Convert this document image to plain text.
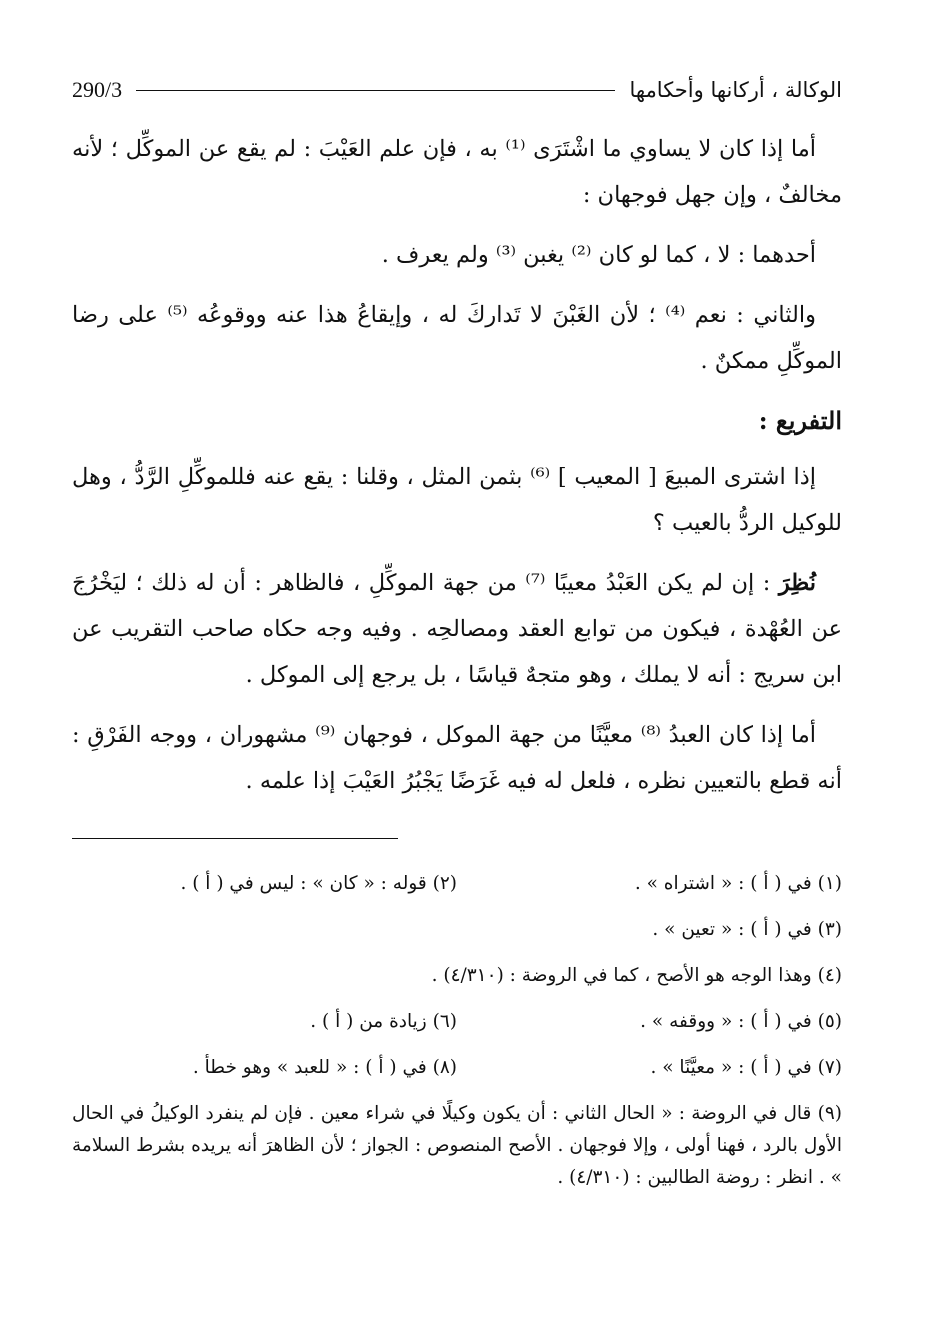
290/3	الوكالة ، أركانها وأحكامها

أما إذا كان لا يساوي ما اشْتَرَى ⁽¹⁾ به ، فإن علم العَيْبَ : لم يقع عن الموكِّل ؛ لأنه مخالفٌ ، وإن جهل فوجهان :

أحدهما : لا ، كما لو كان ⁽²⁾ يغبن ⁽³⁾ ولم يعرف .

والثاني : نعم ⁽⁴⁾ ؛ لأن الغَبْنَ لا تَداركَ له ، وإيقاعُ هذا عنه ووقوعُه ⁽⁵⁾ على رضا الموكِّلِ ممكنٌ .

التفريع :

إذا اشترى المبيعَ [ المعيب ] ⁽⁶⁾ بثمن المثل ، وقلنا : يقع عنه فللموكِّلِ الرَّدُّ ، وهل للوكيل الردُّ بالعيب ؟

نُظِرَ : إن لم يكن العَبْدُ معيبًا ⁽⁷⁾ من جهة الموكِّلِ ، فالظاهر : أن له ذلك ؛ ليَخْرُجَ عن العُهْدة ، فيكون من توابع العقد ومصالحِه . وفيه وجه حكاه صاحب التقريب عن ابن سريج : أنه لا يملك ، وهو متجهٌ قياسًا ، بل يرجع إلى الموكل .

أما إذا كان العبدُ ⁽⁸⁾ معيَّنًا من جهة الموكل ، فوجهان ⁽⁹⁾ مشهوران ، ووجه الفَرْقِ : أنه قطع بالتعيين نظره ، فلعل له فيه غَرَضًا يَجْبُرُ العَيْبَ إذا علمه .

(١) في ( أ ) : « اشتراه » .
(٢) قوله : « كان » : ليس في ( أ ) .
(٣) في ( أ ) : « تعين » .
(٤) وهذا الوجه هو الأصح ، كما في الروضة : (٤/٣١٠) .
(٥) في ( أ ) : « ووقفه » .
(٦) زيادة من ( أ ) .
(٧) في ( أ ) : « معيَّنًا » .
(٨) في ( أ ) : « للعبد » وهو خطأ .
(٩) قال في الروضة : « الحال الثاني : أن يكون وكيلًا في شراء معين . فإن لم ينفرد الوكيلُ في الحال الأول بالرد ، فهنا أولى ، وإلا فوجهان . الأصح المنصوص : الجواز ؛ لأن الظاهرَ أنه يريده بشرط السلامة » . انظر : روضة الطالبين : (٤/٣١٠) .
